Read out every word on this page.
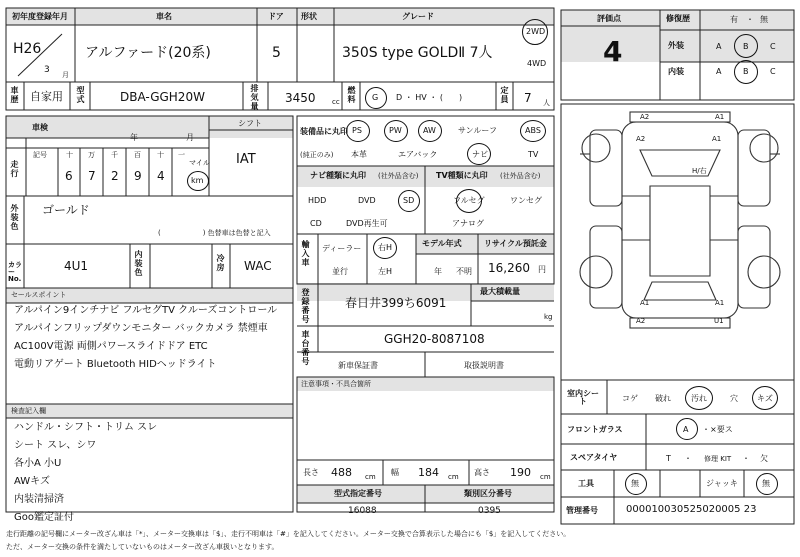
初年度登録年月
H26
3 月
車名
アルファード(20系)
ドア
5
形状	グレード
350S type GOLDⅡ 7人
2WD
4WD
評価点
4
修復歴	有 ・ 無
外装	A	B	C
内装	A	B	C
車歴 自家用 型式	DBA-GGH20W	排気量 3450 cc 燃料 G D ・ HV ・ (　　)	定員 7 人
車検
年	月
シフト
IAT
走行
記号	十 万 千 百 十 一
6 7 2 9 4
マイル
km
装備品に丸印
(純正のみ)
PS	PW	AW	サンルーフ	ABS
本革	エアバック	ナビ	TV
ナビ種類に丸印 (社外品含む)
HDD	DVD	SD
CD	DVD再生可
TV種類に丸印 (社外品含む)
フルセグ	ワンセグ
アナログ
外装色 ゴールド
(　　　　　　) 色替車は色替と記入
輸入車 ディーラー
並行
右H
左H
モデル年式
年 不明
リサイクル預託金
16,260 円
カラーNo.
4U1	内装色	冷房 WAC
セールスポイント
アルパイン9インチナビ フルセグTV クルーズコントロール
アルパインフリップダウンモニター バックカメラ 禁煙車
AC100V電源 両側パワースライドドア ETC
電動リアゲート Bluetooth HIDヘッドライト
登録番号	春日井399ち6091
最大積載量
kg
車台番号	GGH20-8087108
新車保証書	取扱説明書
注意事項・不具合箇所
検査記入欄
ハンドル・シフト・トリム スレ
シート スレ、シワ
各小A 小U
AWキズ
内装清掃済
Goo鑑定証付
長さ 488 cm 幅 184 cm 高さ 190 cm
型式指定番号
16088
類別区分番号
0395
A2	A1
A2	A1
H/右
A1	A1
A2	U1
室内シート	コゲ 破れ	汚れ	穴 キズ
フロントガラス	A ・×要ス
スペアタイヤ	T ・ 修理 KIT ・ 欠
工具	無	ジャッキ	無
管理番号	000010030525020005 23
走行距離の記号欄にメーター改ざん車は「*」、メーター交換車は「$」、走行不明車は「#」を記入してください。メーター交換で合算表示した場合にも「$」を記入してください。
ただ、メーター交換の条件を満たしていないものはメーター改ざん車扱いとなります。
